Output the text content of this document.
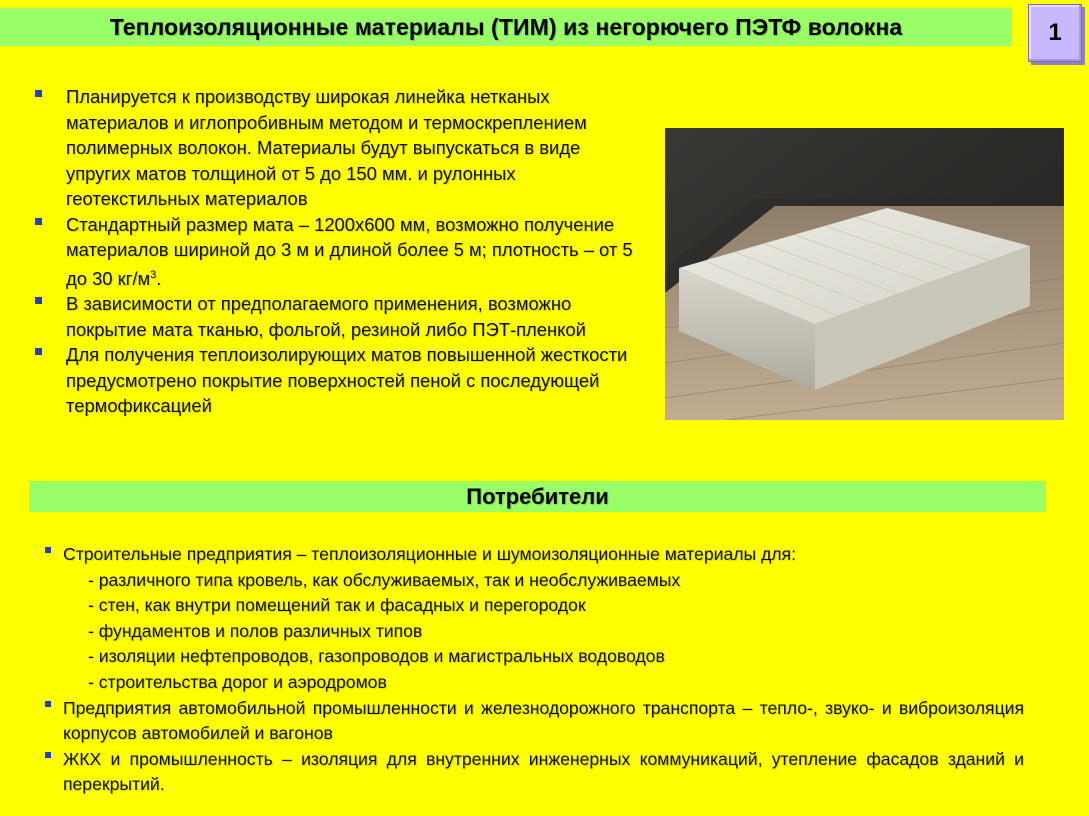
Теплоизоляционные материалы (ТИМ) из негорючего ПЭТФ волокна	1
Планируется к производству широкая линейка нетканых материалов и иглопробивным методом и термоскреплением полимерных волокон. Материалы будут выпускаться в виде упругих матов толщиной от 5 до 150 мм. и рулонных геотекстильных материалов
Стандартный размер мата – 1200х600 мм, возможно получение материалов шириной до 3 м и длиной более 5 м; плотность – от 5 до 30 $кг/м^3$.
В зависимости от предполагаемого применения, возможно покрытие мата тканью, фольгой, резиной либо ПЭТ-пленкой
Для получения теплоизолирующих матов повышенной жесткости предусмотрено покрытие поверхностей пеной с последующей термофиксацией
Потребители
Строительные предприятия – теплоизоляционные и шумоизоляционные материалы для:
- различного типа кровель, как обслуживаемых, так и необслуживаемых
- стен, как внутри помещений так и фасадных и перегородок
- фундаментов и полов различных типов
- изоляции нефтепроводов, газопроводов и магистральных водоводов
- строительства дорог и аэродромов
Предприятия автомобильной промышленности и железнодорожного транспорта – тепло-, звуко- и виброизоляция корпусов автомобилей и вагонов
ЖКХ и промышленность – изоляция для внутренних инженерных коммуникаций, утепление фасадов зданий и перекрытий.
